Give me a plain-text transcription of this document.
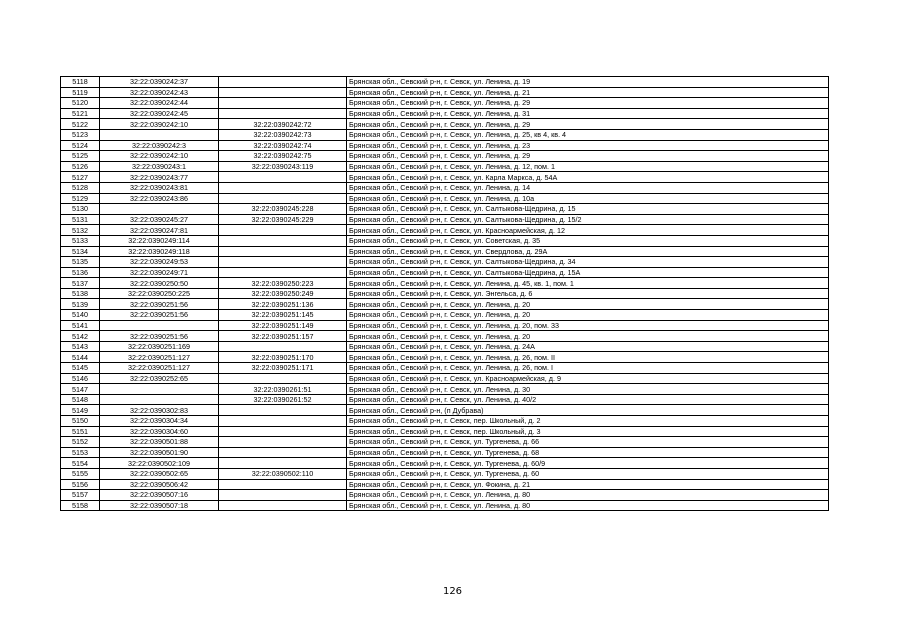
5118	32:22:0390242:37		Брянская обл., Севский р-н, г. Севск, ул. Ленина, д. 19
5119	32:22:0390242:43		Брянская обл., Севский р-н, г. Севск, ул. Ленина, д. 21
5120	32:22:0390242:44		Брянская обл., Севский р-н, г. Севск, ул. Ленина, д. 29
5121	32:22:0390242:45		Брянская обл., Севский р-н, г. Севск, ул. Ленина, д. 31
5122	32:22:0390242:10	32:22:0390242:72	Брянская обл., Севский р-н, г. Севск, ул. Ленина, д. 29
5123		32:22:0390242:73	Брянская обл., Севский р-н, г. Севск, ул. Ленина, д. 25, кв 4, кв. 4
5124	32:22:0390242:3	32:22:0390242:74	Брянская обл., Севский р-н, г. Севск, ул. Ленина, д. 23
5125	32:22:0390242:10	32:22:0390242:75	Брянская обл., Севский р-н, г. Севск, ул. Ленина, д. 29
5126	32:22:0390243:1	32:22:0390243:119	Брянская обл., Севский р-н, г. Севск, ул. Ленина, д. 12, пом. 1
5127	32:22:0390243:77		Брянская обл., Севский р-н, г. Севск, ул. Карла Маркса, д. 54А
5128	32:22:0390243:81		Брянская обл., Севский р-н, г. Севск, ул. Ленина, д. 14
5129	32:22:0390243:86		Брянская обл., Севский р-н, г. Севск, ул. Ленина, д. 10а
5130		32:22:0390245:228	Брянская обл., Севский р-н, г. Севск, ул. Салтыкова-Щедрина, д. 15
5131	32:22:0390245:27	32:22:0390245:229	Брянская обл., Севский р-н, г. Севск, ул. Салтыкова-Щедрина, д. 15/2
5132	32:22:0390247:81		Брянская обл., Севский р-н, г. Севск, ул. Красноармейская, д. 12
5133	32:22:0390249:114		Брянская обл., Севский р-н, г. Севск, ул. Советская, д. 35
5134	32:22:0390249:118		Брянская обл., Севский р-н, г. Севск, ул. Свердлова, д. 29А
5135	32:22:0390249:53		Брянская обл., Севский р-н, г. Севск, ул. Салтыкова-Щедрина, д. 34
5136	32:22:0390249:71		Брянская обл., Севский р-н, г. Севск, ул. Салтыкова-Щедрина, д. 15А
5137	32:22:0390250:50	32:22:0390250:223	Брянская обл., Севский р-н, г. Севск, ул. Ленина, д. 45, кв. 1, пом. 1
5138	32:22:0390250:225	32:22:0390250:249	Брянская обл., Севский р-н, г. Севск, ул. Энгельса, д. 6
5139	32:22:0390251:56	32:22:0390251:136	Брянская обл., Севский р-н, г. Севск, ул. Ленина, д. 20
5140	32:22:0390251:56	32:22:0390251:145	Брянская обл., Севский р-н, г. Севск, ул. Ленина, д. 20
5141		32:22:0390251:149	Брянская обл., Севский р-н, г. Севск, ул. Ленина, д. 20, пом. 33
5142	32:22:0390251:56	32:22:0390251:157	Брянская обл., Севский р-н, г. Севск, ул. Ленина, д. 20
5143	32:22:0390251:169		Брянская обл., Севский р-н, г. Севск, ул. Ленина, д. 24А
5144	32:22:0390251:127	32:22:0390251:170	Брянская обл., Севский р-н, г. Севск, ул. Ленина, д. 26, пом. II
5145	32:22:0390251:127	32:22:0390251:171	Брянская обл., Севский р-н, г. Севск, ул. Ленина, д. 26, пом. I
5146	32:22:0390252:65		Брянская обл., Севский р-н, г. Севск, ул. Красноармейская, д. 9
5147		32:22:0390261:51	Брянская обл., Севский р-н, г. Севск, ул. Ленина, д. 30
5148		32:22:0390261:52	Брянская обл., Севский р-н, г. Севск, ул. Ленина, д. 40/2
5149	32:22:0390302:83		Брянская обл., Севский р-н, (п Дубрава)
5150	32:22:0390304:34		Брянская обл., Севский р-н, г. Севск, пер. Школьный, д. 2
5151	32:22:0390304:60		Брянская обл., Севский р-н, г. Севск, пер. Школьный, д. 3
5152	32:22:0390501:88		Брянская обл., Севский р-н, г. Севск, ул. Тургенева, д. 66
5153	32:22:0390501:90		Брянская обл., Севский р-н, г. Севск, ул. Тургенева, д. 68
5154	32:22:0390502:109		Брянская обл., Севский р-н, г. Севск, ул. Тургенева, д. 60/9
5155	32:22:0390502:65	32:22:0390502:110	Брянская обл., Севский р-н, г. Севск, ул. Тургенева, д. 60
5156	32:22:0390506:42		Брянская обл., Севский р-н, г. Севск, ул. Фокина, д. 21
5157	32:22:0390507:16		Брянская обл., Севский р-н, г. Севск, ул. Ленина, д. 80
5158	32:22:0390507:18		Брянская обл., Севский р-н, г. Севск, ул. Ленина, д. 80
126
